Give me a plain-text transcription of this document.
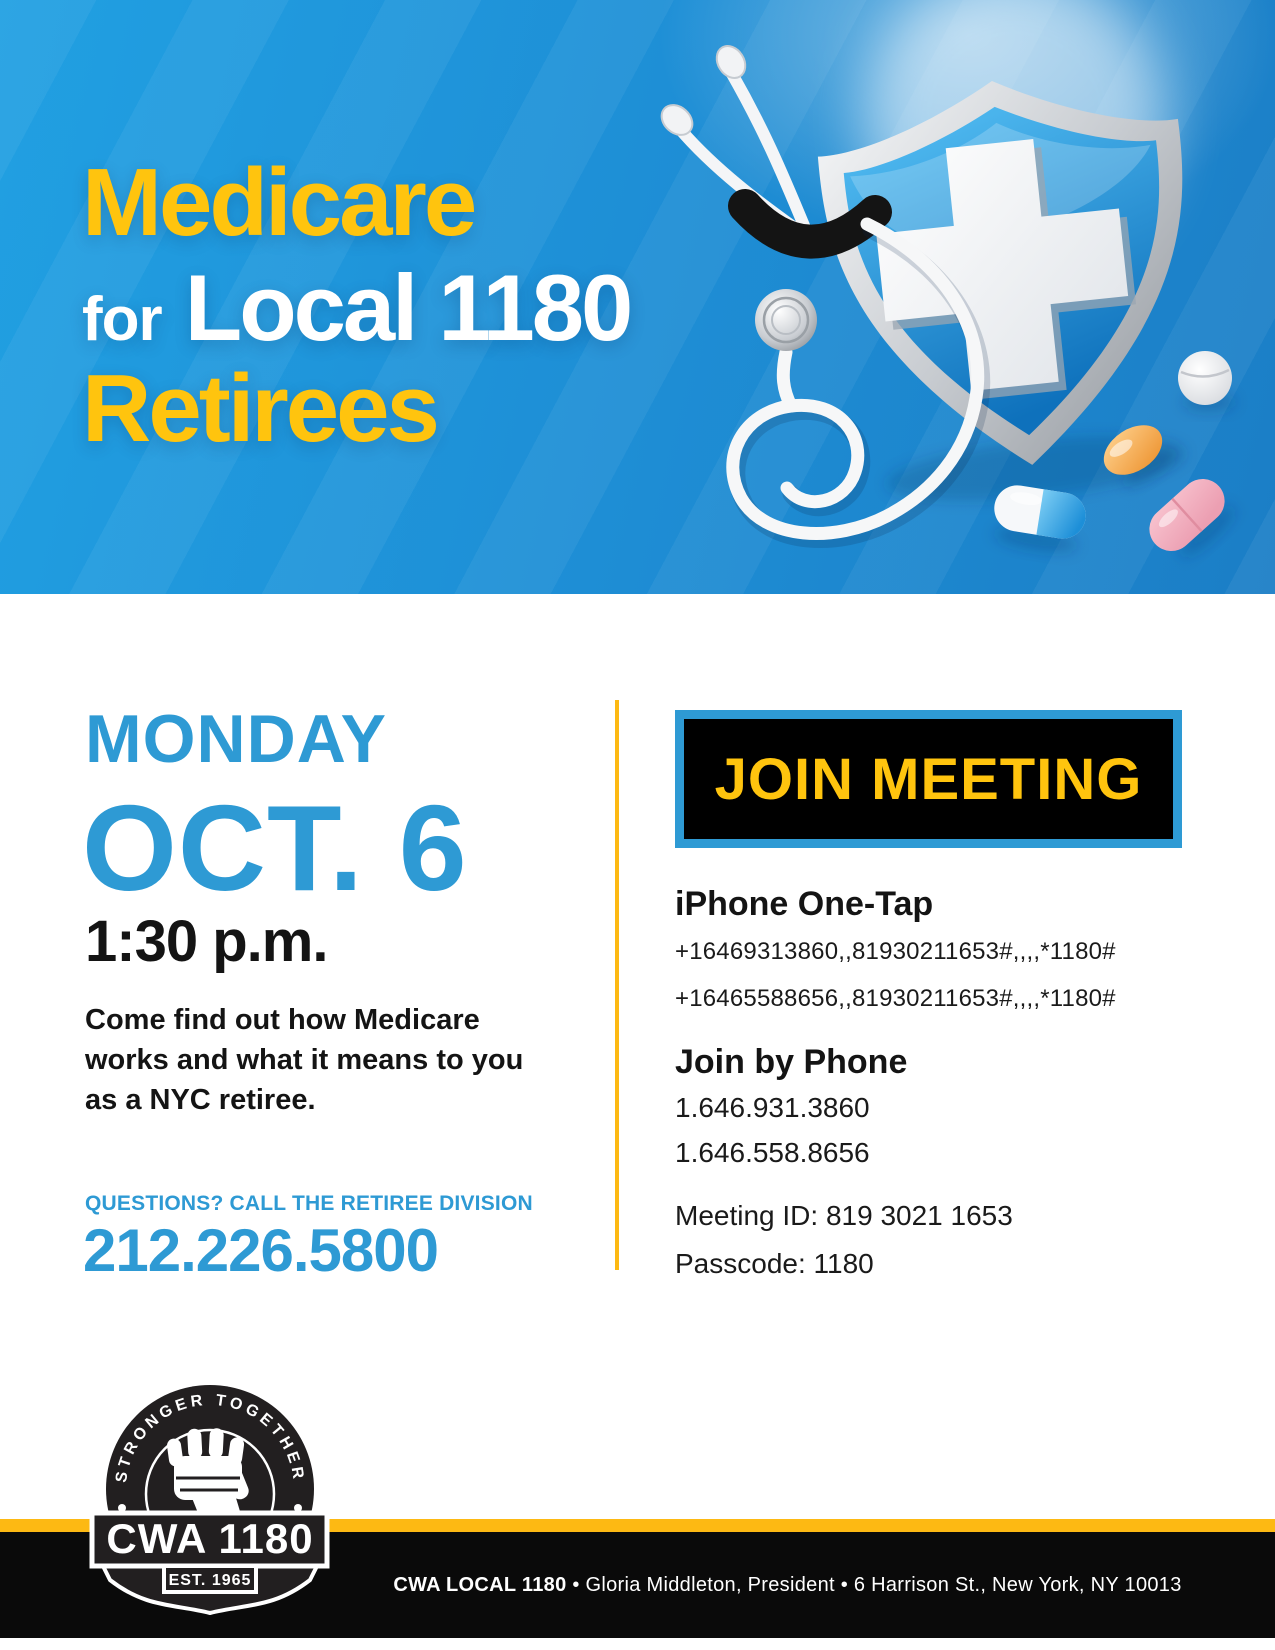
Medicare
for Local 1180
Retirees
MONDAY
OCT. 6
1:30 p.m.
Come find out how Medicare
works and what it means to you
as a NYC retiree.
QUESTIONS? CALL THE RETIREE DIVISION
212.226.5800
JOIN MEETING
iPhone One-Tap
+16469313860,,81930211653#,,,,*1180#
+16465588656,,81930211653#,,,,*1180#
Join by Phone
1.646.931.3860
1.646.558.8656
Meeting ID: 819 3021 1653
Passcode: 1180
CWA LOCAL 1180 • Gloria Middleton, President • 6 Harrison St., New York, NY 10013
STRONGER TOGETHER
CWA 1180
EST. 1965
